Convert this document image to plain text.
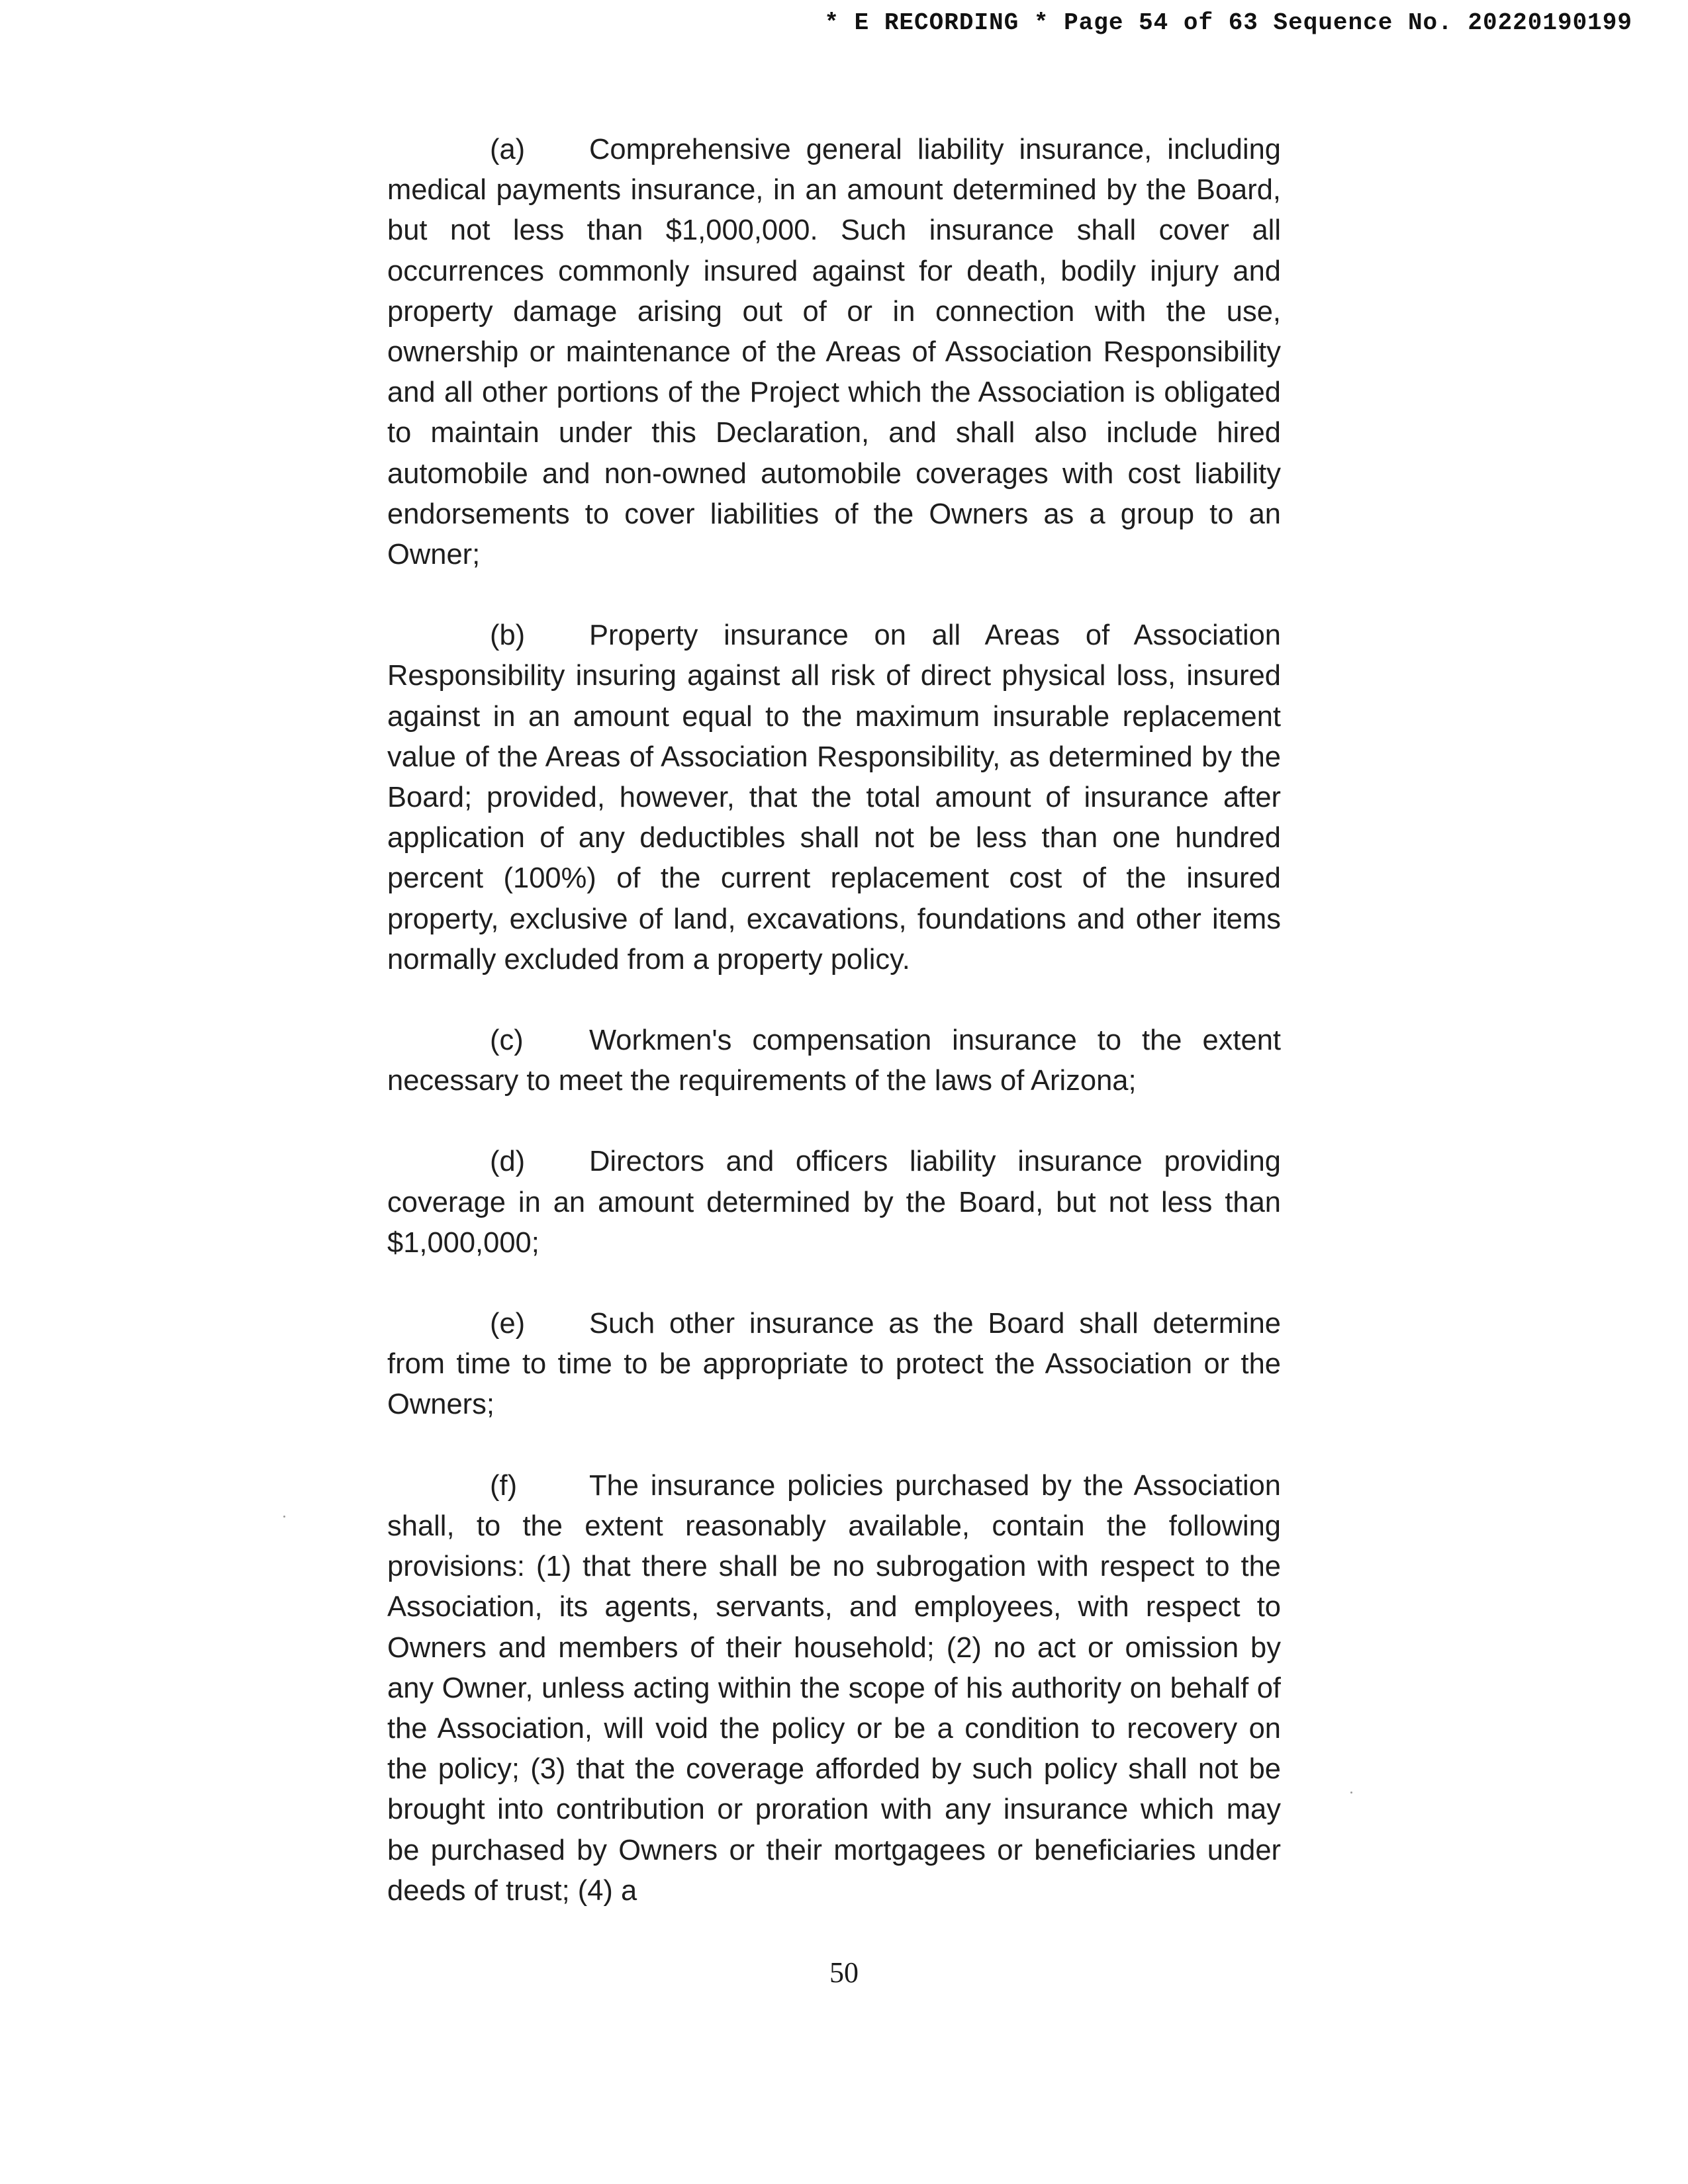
* E RECORDING * Page 54 of 63 Sequence No. 20220190199

(a) Comprehensive general liability insurance, including medical payments insurance, in an amount determined by the Board, but not less than $1,000,000. Such insurance shall cover all occurrences commonly insured against for death, bodily injury and property damage arising out of or in connection with the use, ownership or maintenance of the Areas of Association Responsibility and all other portions of the Project which the Association is obligated to maintain under this Declaration, and shall also include hired automobile and non-owned automobile coverages with cost liability endorsements to cover liabilities of the Owners as a group to an Owner;

(b) Property insurance on all Areas of Association Responsibility insuring against all risk of direct physical loss, insured against in an amount equal to the maximum insurable replacement value of the Areas of Association Responsibility, as determined by the Board; provided, however, that the total amount of insurance after application of any deductibles shall not be less than one hundred percent (100%) of the current replacement cost of the insured property, exclusive of land, excavations, foundations and other items normally excluded from a property policy.

(c) Workmen's compensation insurance to the extent necessary to meet the requirements of the laws of Arizona;

(d) Directors and officers liability insurance providing coverage in an amount determined by the Board, but not less than $1,000,000;

(e) Such other insurance as the Board shall determine from time to time to be appropriate to protect the Association or the Owners;

(f)	The insurance policies purchased by the Association shall, to the extent reasonably available, contain the following provisions: (1) that there shall be no subrogation with respect to the Association, its agents, servants, and employees, with respect to Owners and members of their household; (2) no act or omission by any Owner, unless acting within the scope of his authority on behalf of the Association, will void the policy or be a condition to recovery on the policy; (3) that the coverage afforded by such policy shall not be brought into contribution or proration with any insurance which may be purchased by Owners or their mortgagees or beneficiaries under deeds of trust; (4) a

50
